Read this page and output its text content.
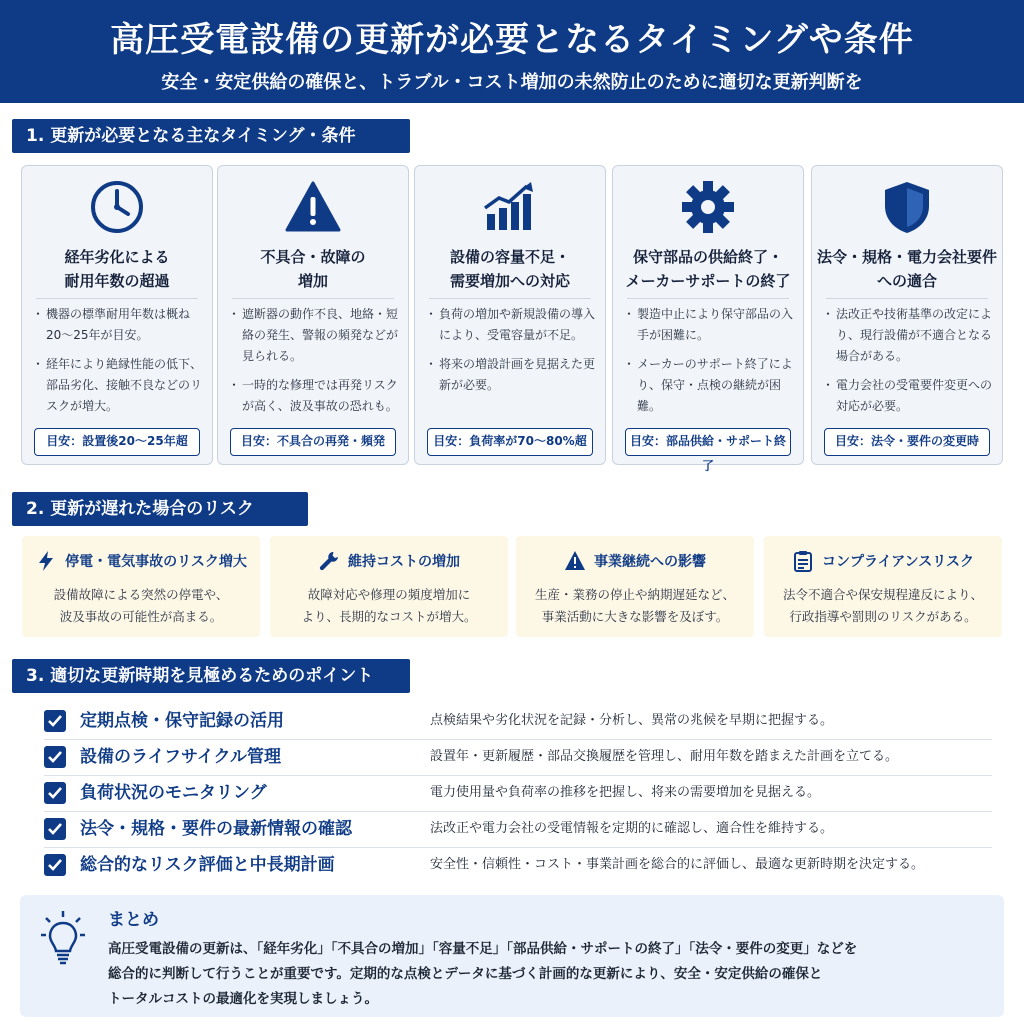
高圧受電設備の更新が必要となるタイミングや条件
安全・安定供給の確保と、トラブル・コスト増加の未然防止のために適切な更新判断を
1. 更新が必要となる主なタイミング・条件
経年劣化による
耐用年数の超過
・ 機器の標準耐用年数は概ね20〜25年が目安。
・ 経年により絶縁性能の低下、部品劣化、接触不良などのリスクが増大。
目安：設置後20〜25年超
不具合・故障の
増加
・ 遮断器の動作不良、地絡・短絡の発生、警報の頻発などが見られる。
・ 一時的な修理では再発リスクが高く、波及事故の恐れも。
目安：不具合の再発・頻発
設備の容量不足・
需要増加への対応
・ 負荷の増加や新規設備の導入により、受電容量が不足。
・ 将来の増設計画を見据えた更新が必要。
目安：負荷率が70〜80%超
保守部品の供給終了・
メーカーサポートの終了
・ 製造中止により保守部品の入手が困難に。
・ メーカーのサポート終了により、保守・点検の継続が困難。
目安：部品供給・サポート終了
法令・規格・電力会社要件
への適合
・ 法改正や技術基準の改定により、現行設備が不適合となる場合がある。
・ 電力会社の受電要件変更への対応が必要。
目安：法令・要件の変更時
2. 更新が遅れた場合のリスク
停電・電気事故のリスク増大
設備故障による突然の停電や、
波及事故の可能性が高まる。
維持コストの増加
故障対応や修理の頻度増加に
より、長期的なコストが増大。
事業継続への影響
生産・業務の停止や納期遅延など、
事業活動に大きな影響を及ぼす。
コンプライアンスリスク
法令不適合や保安規程違反により、
行政指導や罰則のリスクがある。
3. 適切な更新時期を見極めるためのポイント
定期点検・保守記録の活用	点検結果や劣化状況を記録・分析し、異常の兆候を早期に把握する。
設備のライフサイクル管理	設置年・更新履歴・部品交換履歴を管理し、耐用年数を踏まえた計画を立てる。
負荷状況のモニタリング	電力使用量や負荷率の推移を把握し、将来の需要増加を見据える。
法令・規格・要件の最新情報の確認	法改正や電力会社の受電情報を定期的に確認し、適合性を維持する。
総合的なリスク評価と中長期計画	安全性・信頼性・コスト・事業計画を総合的に評価し、最適な更新時期を決定する。
まとめ
高圧受電設備の更新は、「経年劣化」「不具合の増加」「容量不足」「部品供給・サポートの終了」「法令・要件の変更」などを
総合的に判断して行うことが重要です。定期的な点検とデータに基づく計画的な更新により、安全・安定供給の確保と
トータルコストの最適化を実現しましょう。
